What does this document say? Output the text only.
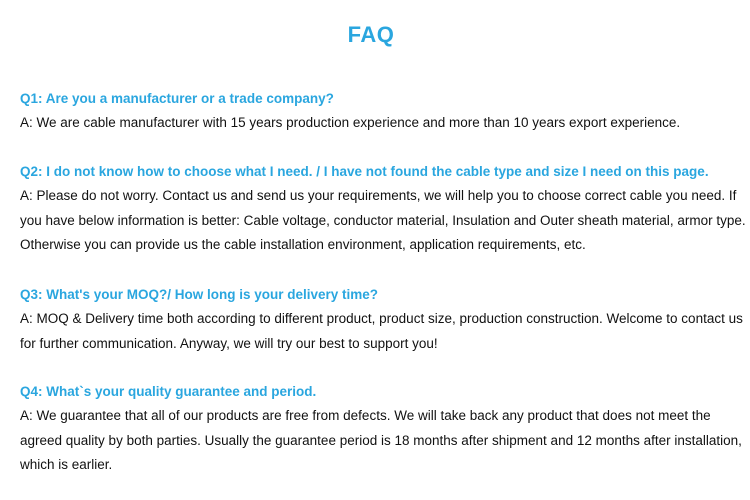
FAQ
Q1: Are you a manufacturer or a trade company?

A: We are cable manufacturer with 15 years production experience and more than 10 years export experience.

Q2: I do not know how to choose what I need. / I have not found the cable type and size I need on this page.

A: Please do not worry. Contact us and send us your requirements, we will help you to choose correct cable you need. If you have below information is better: Cable voltage, conductor material, Insulation and Outer sheath material, armor type. Otherwise you can provide us the cable installation environment, application requirements, etc.

Q3: What's your MOQ?/ How long is your delivery time?

A: MOQ & Delivery time both according to different product, product size, production construction. Welcome to contact us for further communication. Anyway, we will try our best to support you!

Q4: What`s your quality guarantee and period.

A: We guarantee that all of our products are free from defects. We will take back any product that does not meet the agreed quality by both parties. Usually the guarantee period is 18 months after shipment and 12 months after installation, which is earlier.
